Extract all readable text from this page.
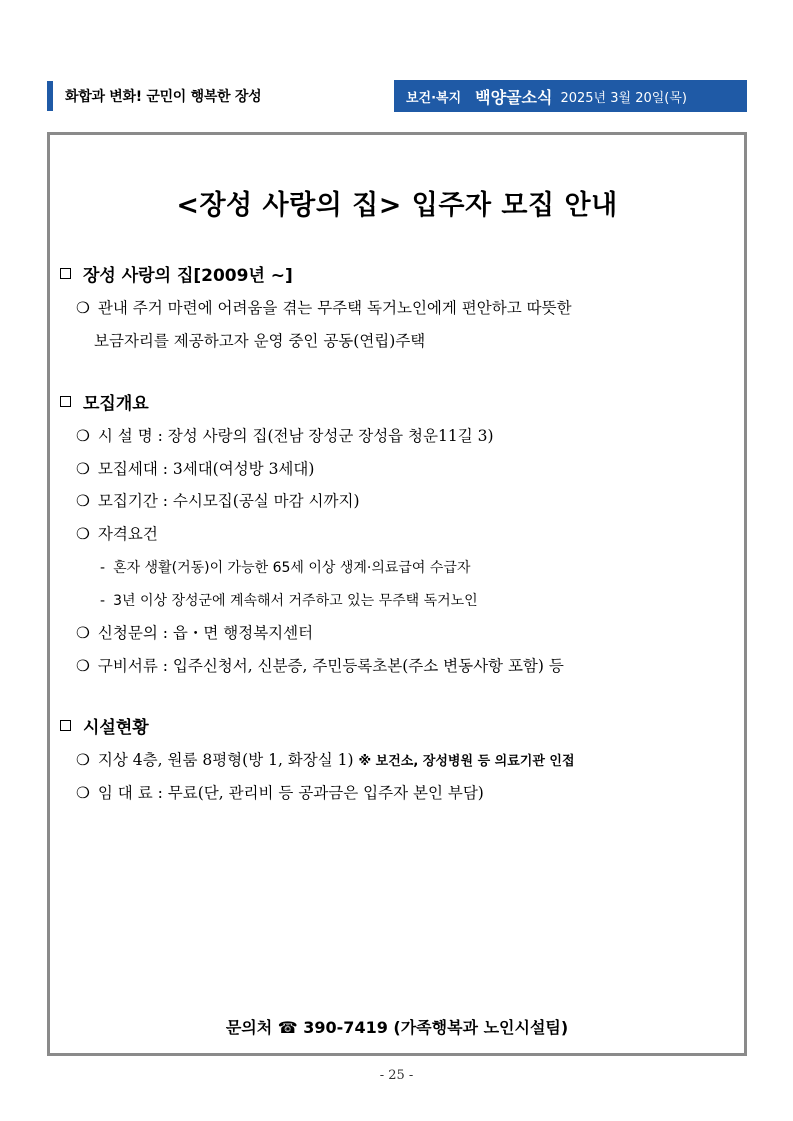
화합과 변화! 군민이 행복한 장성	보건·복지 백양골소식 2025년 3월 20일(목)
<장성 사랑의 집> 입주자 모집 안내
장성 사랑의 집[2009년 ~]
❍ 관내 주거 마련에 어려움을 겪는 무주택 독거노인에게 편안하고 따뜻한
보금자리를 제공하고자 운영 중인 공동(연립)주택
모집개요
❍ 시 설 명 : 장성 사랑의 집(전남 장성군 장성읍 청운11길 3)
❍ 모집세대 : 3세대(여성방 3세대)
❍ 모집기간 : 수시모집(공실 마감 시까지)
❍ 자격요건
- 혼자 생활(거동)이 가능한 65세 이상 생계·의료급여 수급자
- 3년 이상 장성군에 계속해서 거주하고 있는 무주택 독거노인
❍ 신청문의 : 읍・면 행정복지센터
❍ 구비서류 : 입주신청서, 신분증, 주민등록초본(주소 변동사항 포함) 등
시설현황
❍ 지상 4층, 원룸 8평형(방 1, 화장실 1) ※ 보건소, 장성병원 등 의료기관 인접
❍ 임 대 료 : 무료(단, 관리비 등 공과금은 입주자 본인 부담)
문의처 ☎ 390-7419 (가족행복과 노인시설팀)
- 25 -
